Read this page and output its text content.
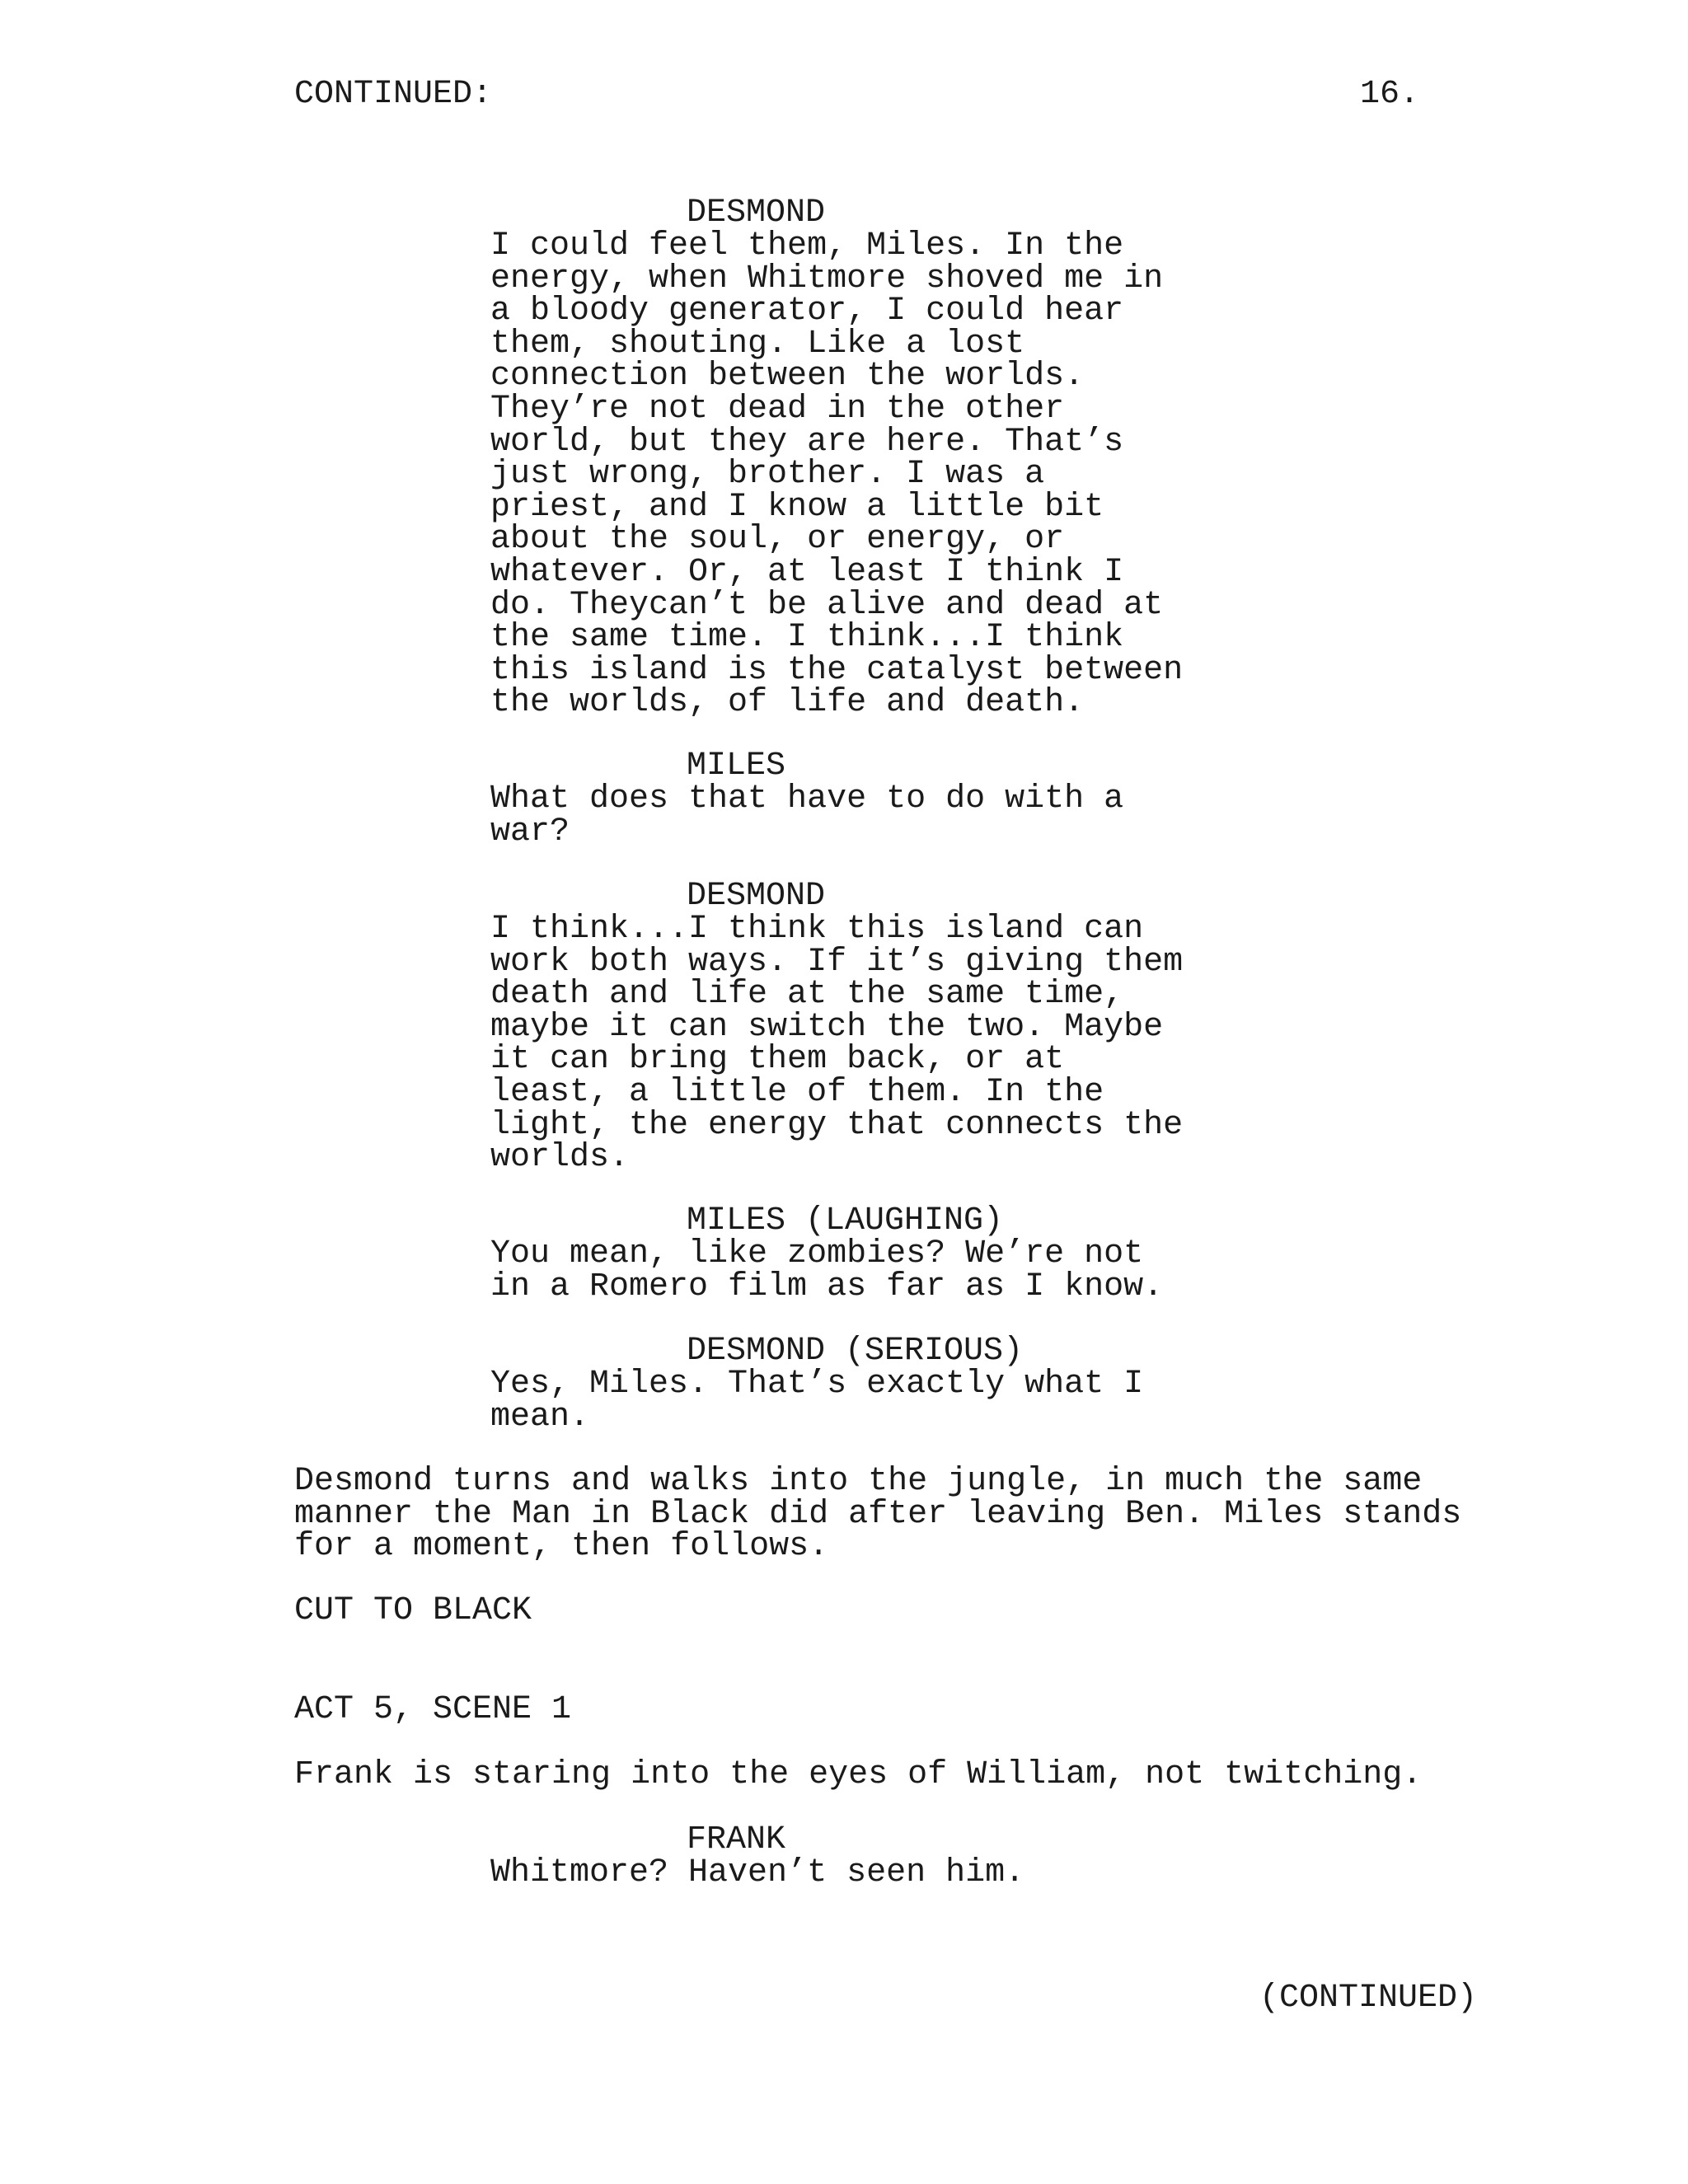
CONTINUED:	16.
DESMOND
I could feel them, Miles. In the
energy, when Whitmore shoved me in
a bloody generator, I could hear
them, shouting. Like a lost
connection between the worlds.
They’re not dead in the other
world, but they are here. That’s
just wrong, brother. I was a
priest, and I know a little bit
about the soul, or energy, or
whatever. Or, at least I think I
do. Theycan’t be alive and dead at
the same time. I think...I think
this island is the catalyst between
the worlds, of life and death.
MILES
What does that have to do with a
war?
DESMOND
I think...I think this island can
work both ways. If it’s giving them
death and life at the same time,
maybe it can switch the two. Maybe
it can bring them back, or at
least, a little of them. In the
light, the energy that connects the
worlds.
MILES (LAUGHING)
You mean, like zombies? We’re not
in a Romero film as far as I know.
DESMOND (SERIOUS)
Yes, Miles. That’s exactly what I
mean.
Desmond turns and walks into the jungle, in much the same
manner the Man in Black did after leaving Ben. Miles stands
for a moment, then follows.
CUT TO BLACK
ACT 5, SCENE 1
Frank is staring into the eyes of William, not twitching.
FRANK
Whitmore? Haven’t seen him.
(CONTINUED)
